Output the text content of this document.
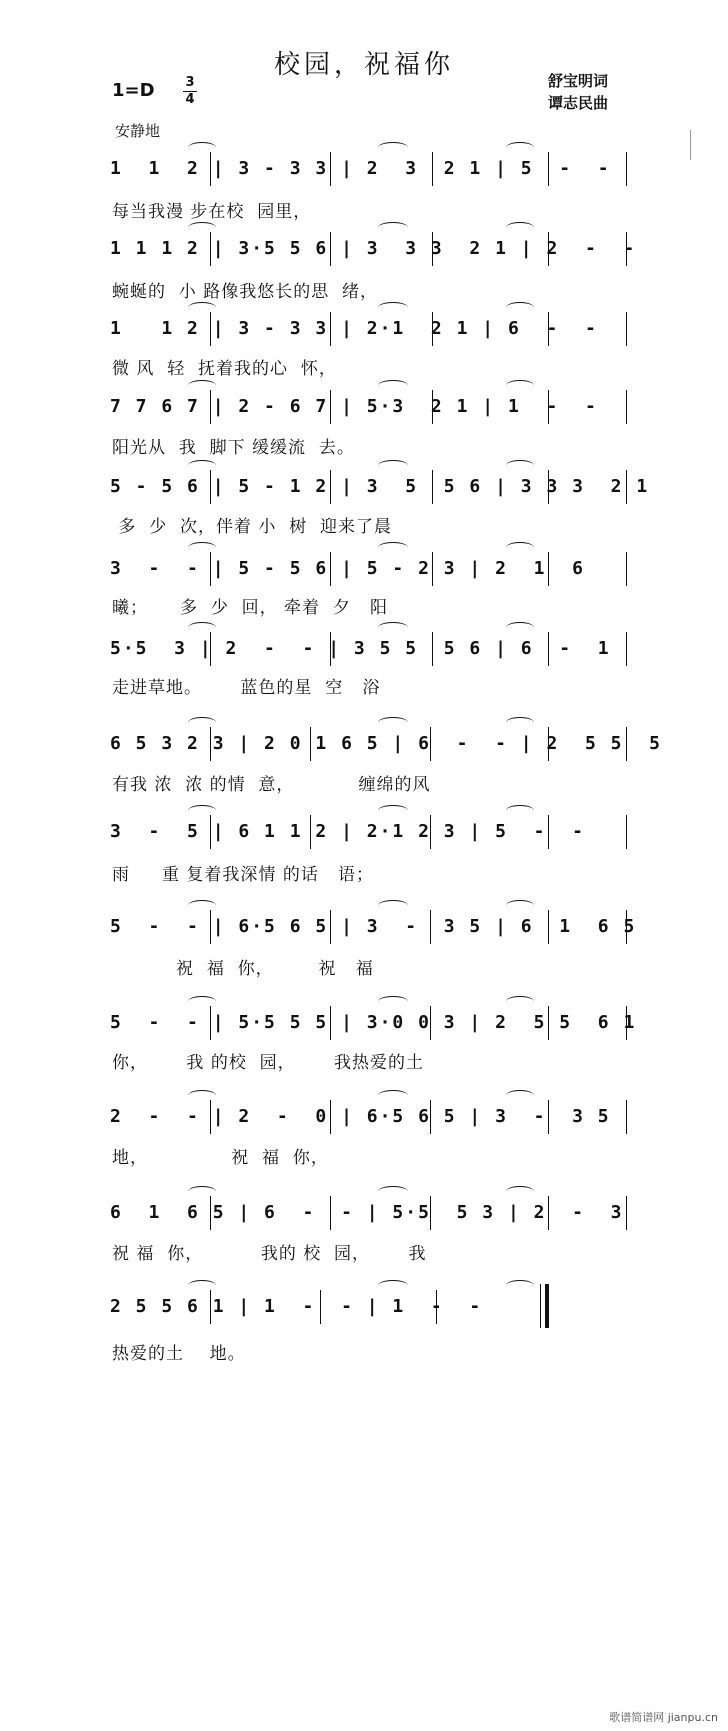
校园，祝福你
1=D 3
4
舒宝明词
谭志民曲
安静地
1  1  2 | 3 - 3 3 | 2  3  2 1 | 5  -  -
每当我漫 步在校  园里，
1 1 1 2 | 3·5 5 6 | 3  3 3  2 1 | 2  -  -
蜿蜒的  小 路像我悠长的思  绪，
1   1 2 | 3 - 3 3 | 2·1  2 1 | 6  -  -
微 风  轻  抚着我的心  怀，
7 7 6 7 | 2 - 6 7 | 5·3  2 1 | 1  -  -
阳光从  我  脚下 缓缓流  去。
5 - 5 6 | 5 - 1 2 | 3  5  5 6 | 3 3 3  2 1
多  少  次，伴着 小  树  迎来了晨
3  -  - | 5 - 5 6 | 5 - 2 3 | 2  1  6
曦；     多  少  回， 牵着  夕   阳
5·5  3 | 2  -  - | 3 5 5  5 6 | 6  -  1
走进草地。      蓝色的星  空   浴
6 5 3 2 3 | 2 0 1 6 5 | 6  -  - | 2  5 5  5
有我 浓  浓 的情  意，          缠绵的风
3  -  5 | 6 1 1 2 | 2·1 2 3 | 5  -  -
雨     重 复着我深情 的话   语；
5  -  - | 6·5 6 5 | 3  -  3 5 | 6  1  6 5
祝  福  你，       祝   福
5  -  - | 5·5 5 5 | 3·0 0 3 | 2  5 5  6 1
你，      我 的校  园，      我热爱的土
2  -  - | 2  -  0 | 6·5 6 5 | 3  -  3 5
地，             祝  福  你，
6  1  6 5 | 6  -  - | 5·5  5 3 | 2  -  3
祝 福  你，         我的 校  园，      我
2 5 5 6 1 | 1  -  - | 1  -  -
热爱的土    地。
歌谱简谱网 jianpu.cn
